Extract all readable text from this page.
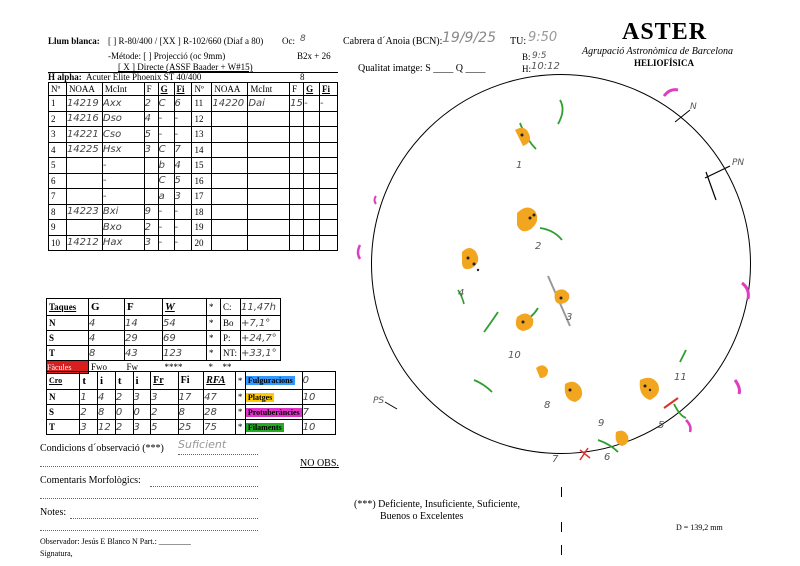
Llum blanca: [ ] R-80/400 / [XX ] R-102/660 (Diaf a 80) Oc: 8
-Métode: [ ] Projecció (oc 9mm)	B2x + 26
[ X ] Directe (ASSF Baader + W#15)
H alpha: Acuter Elite Phoenix ST 40/400	8
Cabrera d´Anoia (BCN): 19/9/25 TU: 9:50
B: 9:5
Qualitat imatge: S ____ Q ____	H: 10:12
ASTER
Agrupació Astronòmica de Barcelona
HELIOFÍSICA
Nº	NOAA	McInt	F	G	Fi	Nº	NOAA	McInt	F	G	Fi
1	14219	Axx	2	C	6	11	14220	Dai	15	-	-
2	14216	Dso	4	-	-	12					
3	14221	Cso	5	-	-	13					
4	14225	Hsx	3	C	7	14					
5		-		b	4	15					
6		-		C	5	16					
7		-		a	3	17					
8	14223	Bxi	9	-	-	18					
9		Bxo	2	-	-	19					
10	14212	Hax	3	-	-	20					
Taques	G	F	W	*	C:	11,47h
N	4	14	54	*	Bo	+7,1°
S	4	29	69	*	P:	+24,7°
T	8	43	123	*	NT:	+33,1°
Fàcules	Fwo	Fw	****	*	**	
Cro	t	i	t	i	Fr	Fi	RFA	*	Fulguracions	0
N	1	4	2	3	3	17	47	*	Platges	10
S	2	8	0	0	2	8	28	*	Protuberàncies	7
T	3	12	2	3	5	25	75	*	Filaments	10
Condicions d´observació (***) Suficient
Comentaris Morfològics:
Notes:
Observador: Jesús E Blanco N Part.: ________
Signatura,
NO OBS.
(***) Deficiente, Insuficiente, Suficiente,
Buenos o Excelentes
D = 139,2 mm
N
PN
PS
1
2
3
4
5
6
7
8
9
10
11
